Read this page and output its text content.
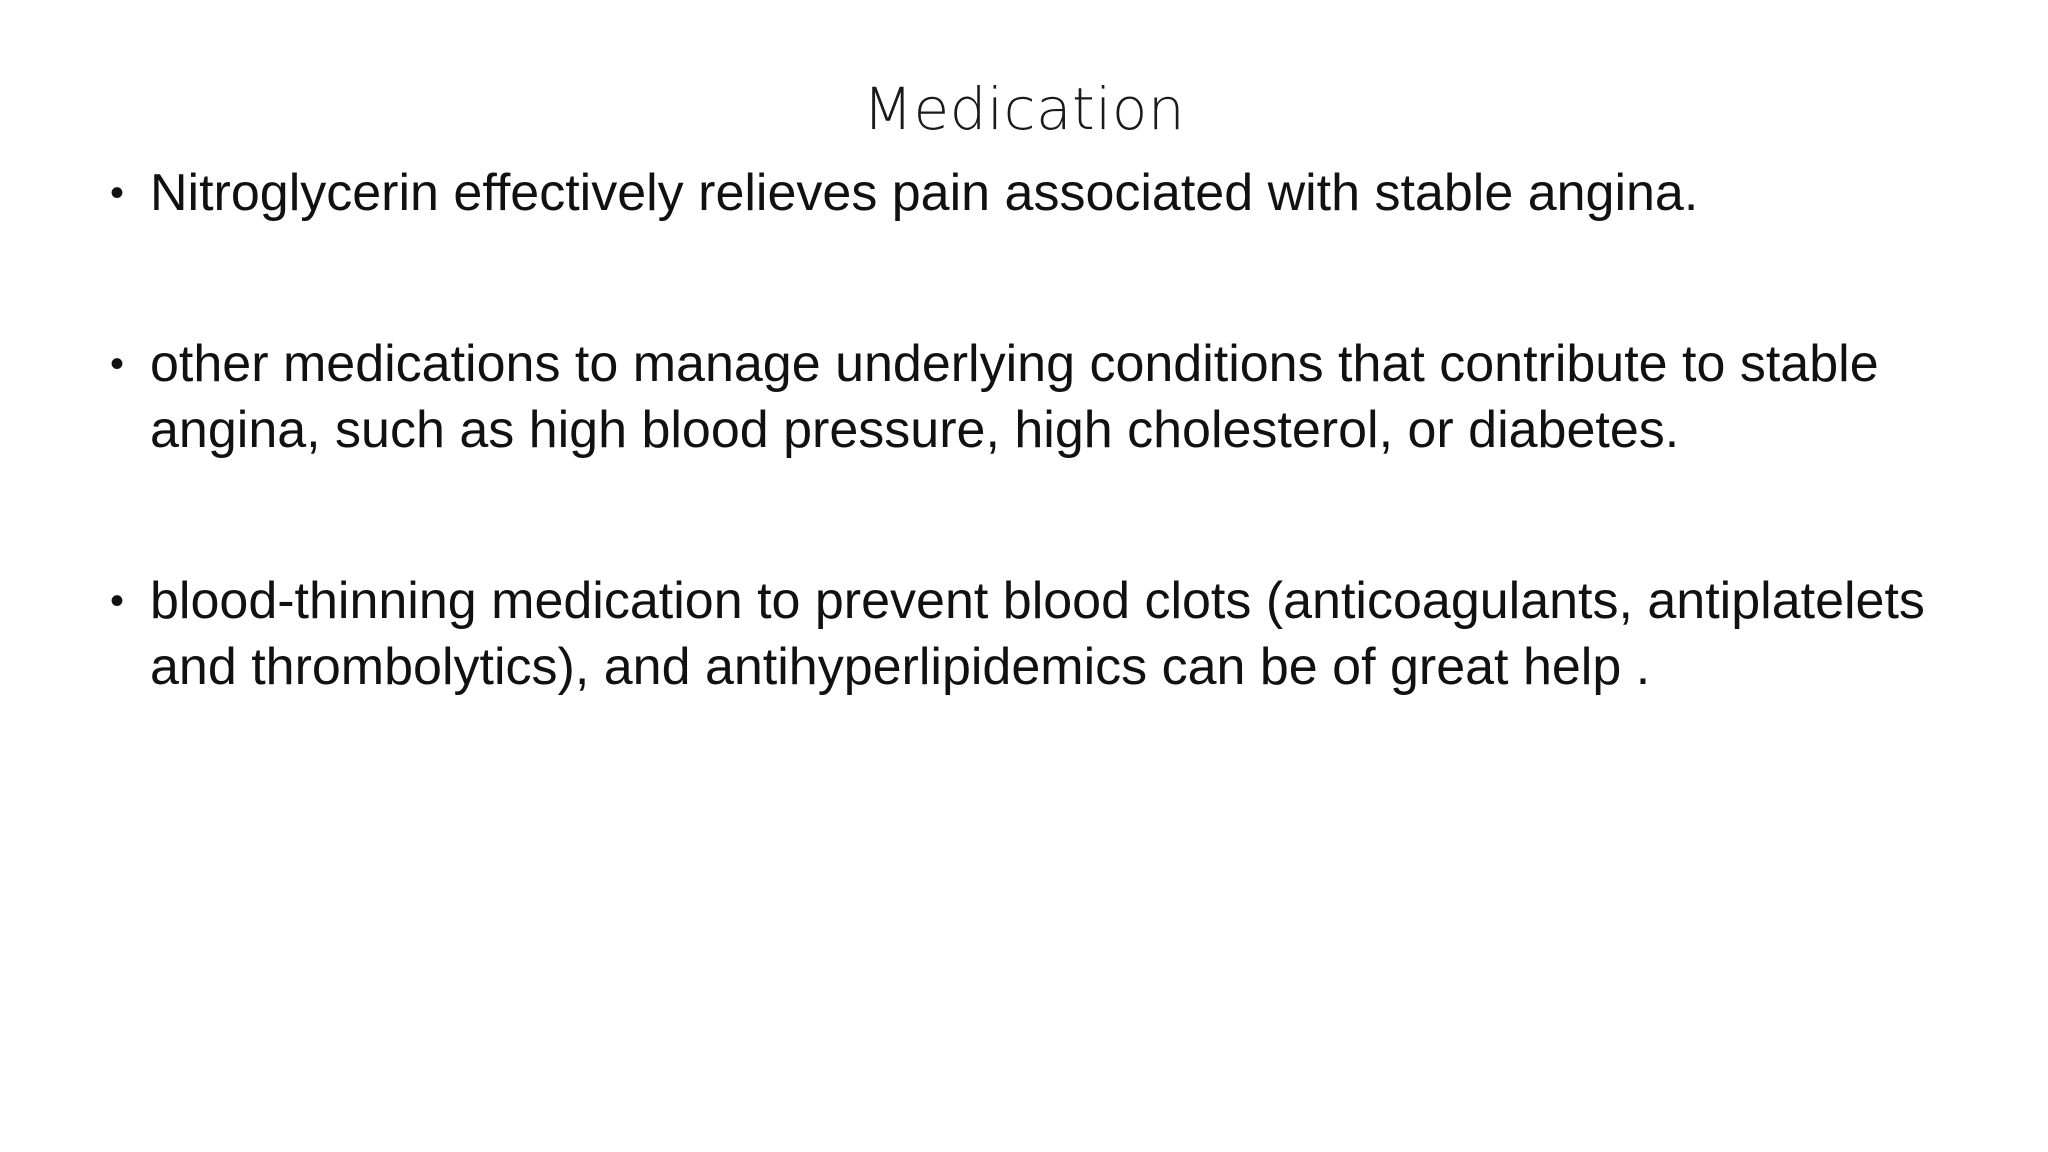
Medication
• Nitroglycerin effectively relieves pain associated with stable angina.
• other medications to manage underlying conditions that contribute to stable angina, such as high blood pressure, high cholesterol, or diabetes.
• blood-thinning medication to prevent blood clots (anticoagulants, antiplatelets and thrombolytics), and antihyperlipidemics can be of great help .
